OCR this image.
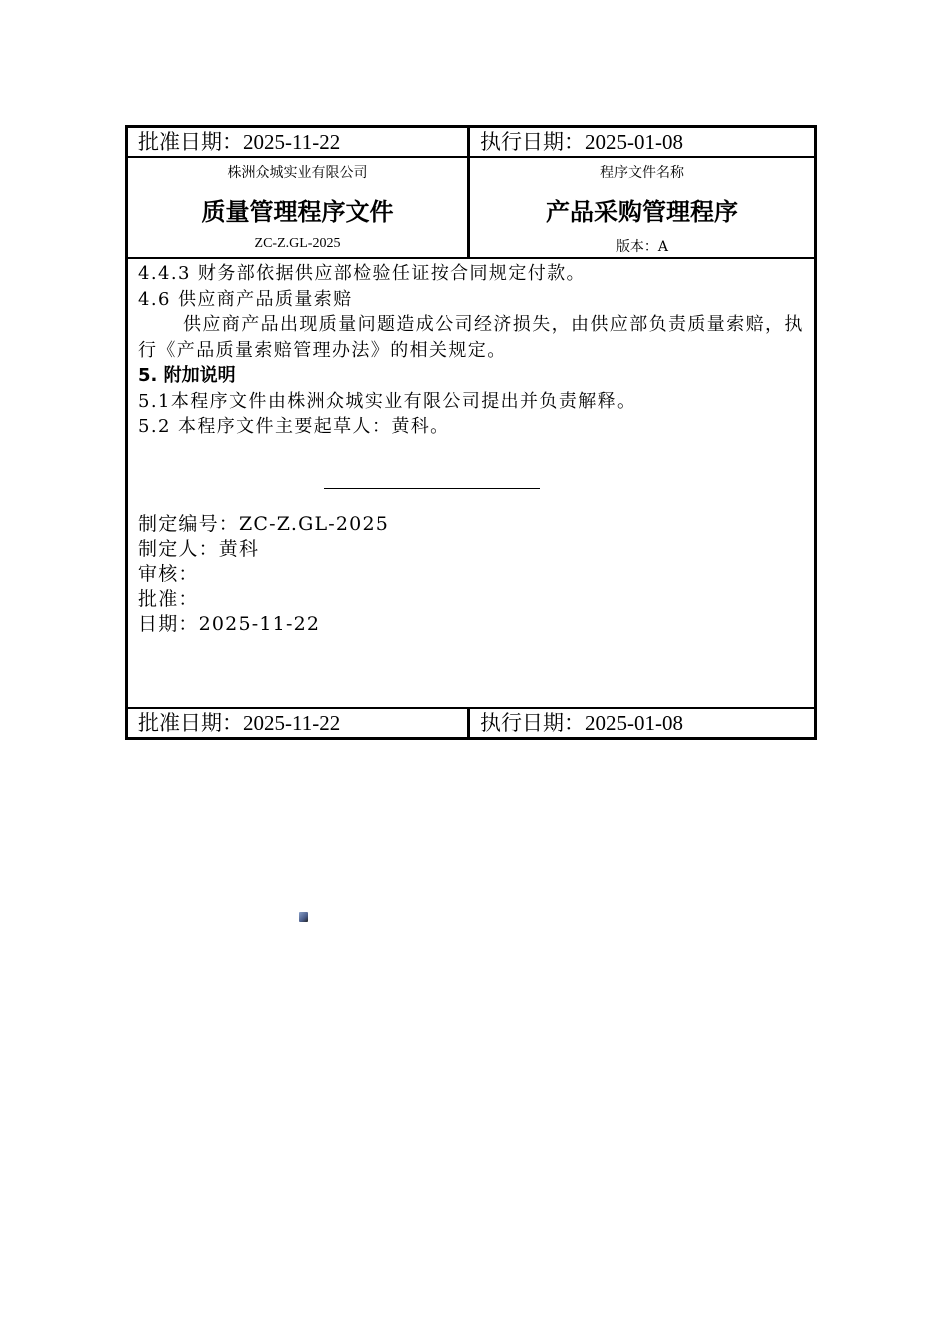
批准日期：2025-11-22	执行日期：2025-01-08
株洲众城实业有限公司
质量管理程序文件
ZC-Z.GL-2025
程序文件名称
产品采购管理程序
版本：A

4.4.3 财务部依据供应部检验任证按合同规定付款。

4.6 供应商产品质量索赔

供应商产品出现质量问题造成公司经济损失，由供应部负责质量索赔，执行《产品质量索赔管理办法》的相关规定。

5. 附加说明

5.1本程序文件由株洲众城实业有限公司提出并负责解释。

5.2 本程序文件主要起草人：黄科。

制定编号：ZC-Z.GL-2025

制定人：黄科

审核：

批准：

日期：2025-11-22

批准日期：2025-11-22	执行日期：2025-01-08
